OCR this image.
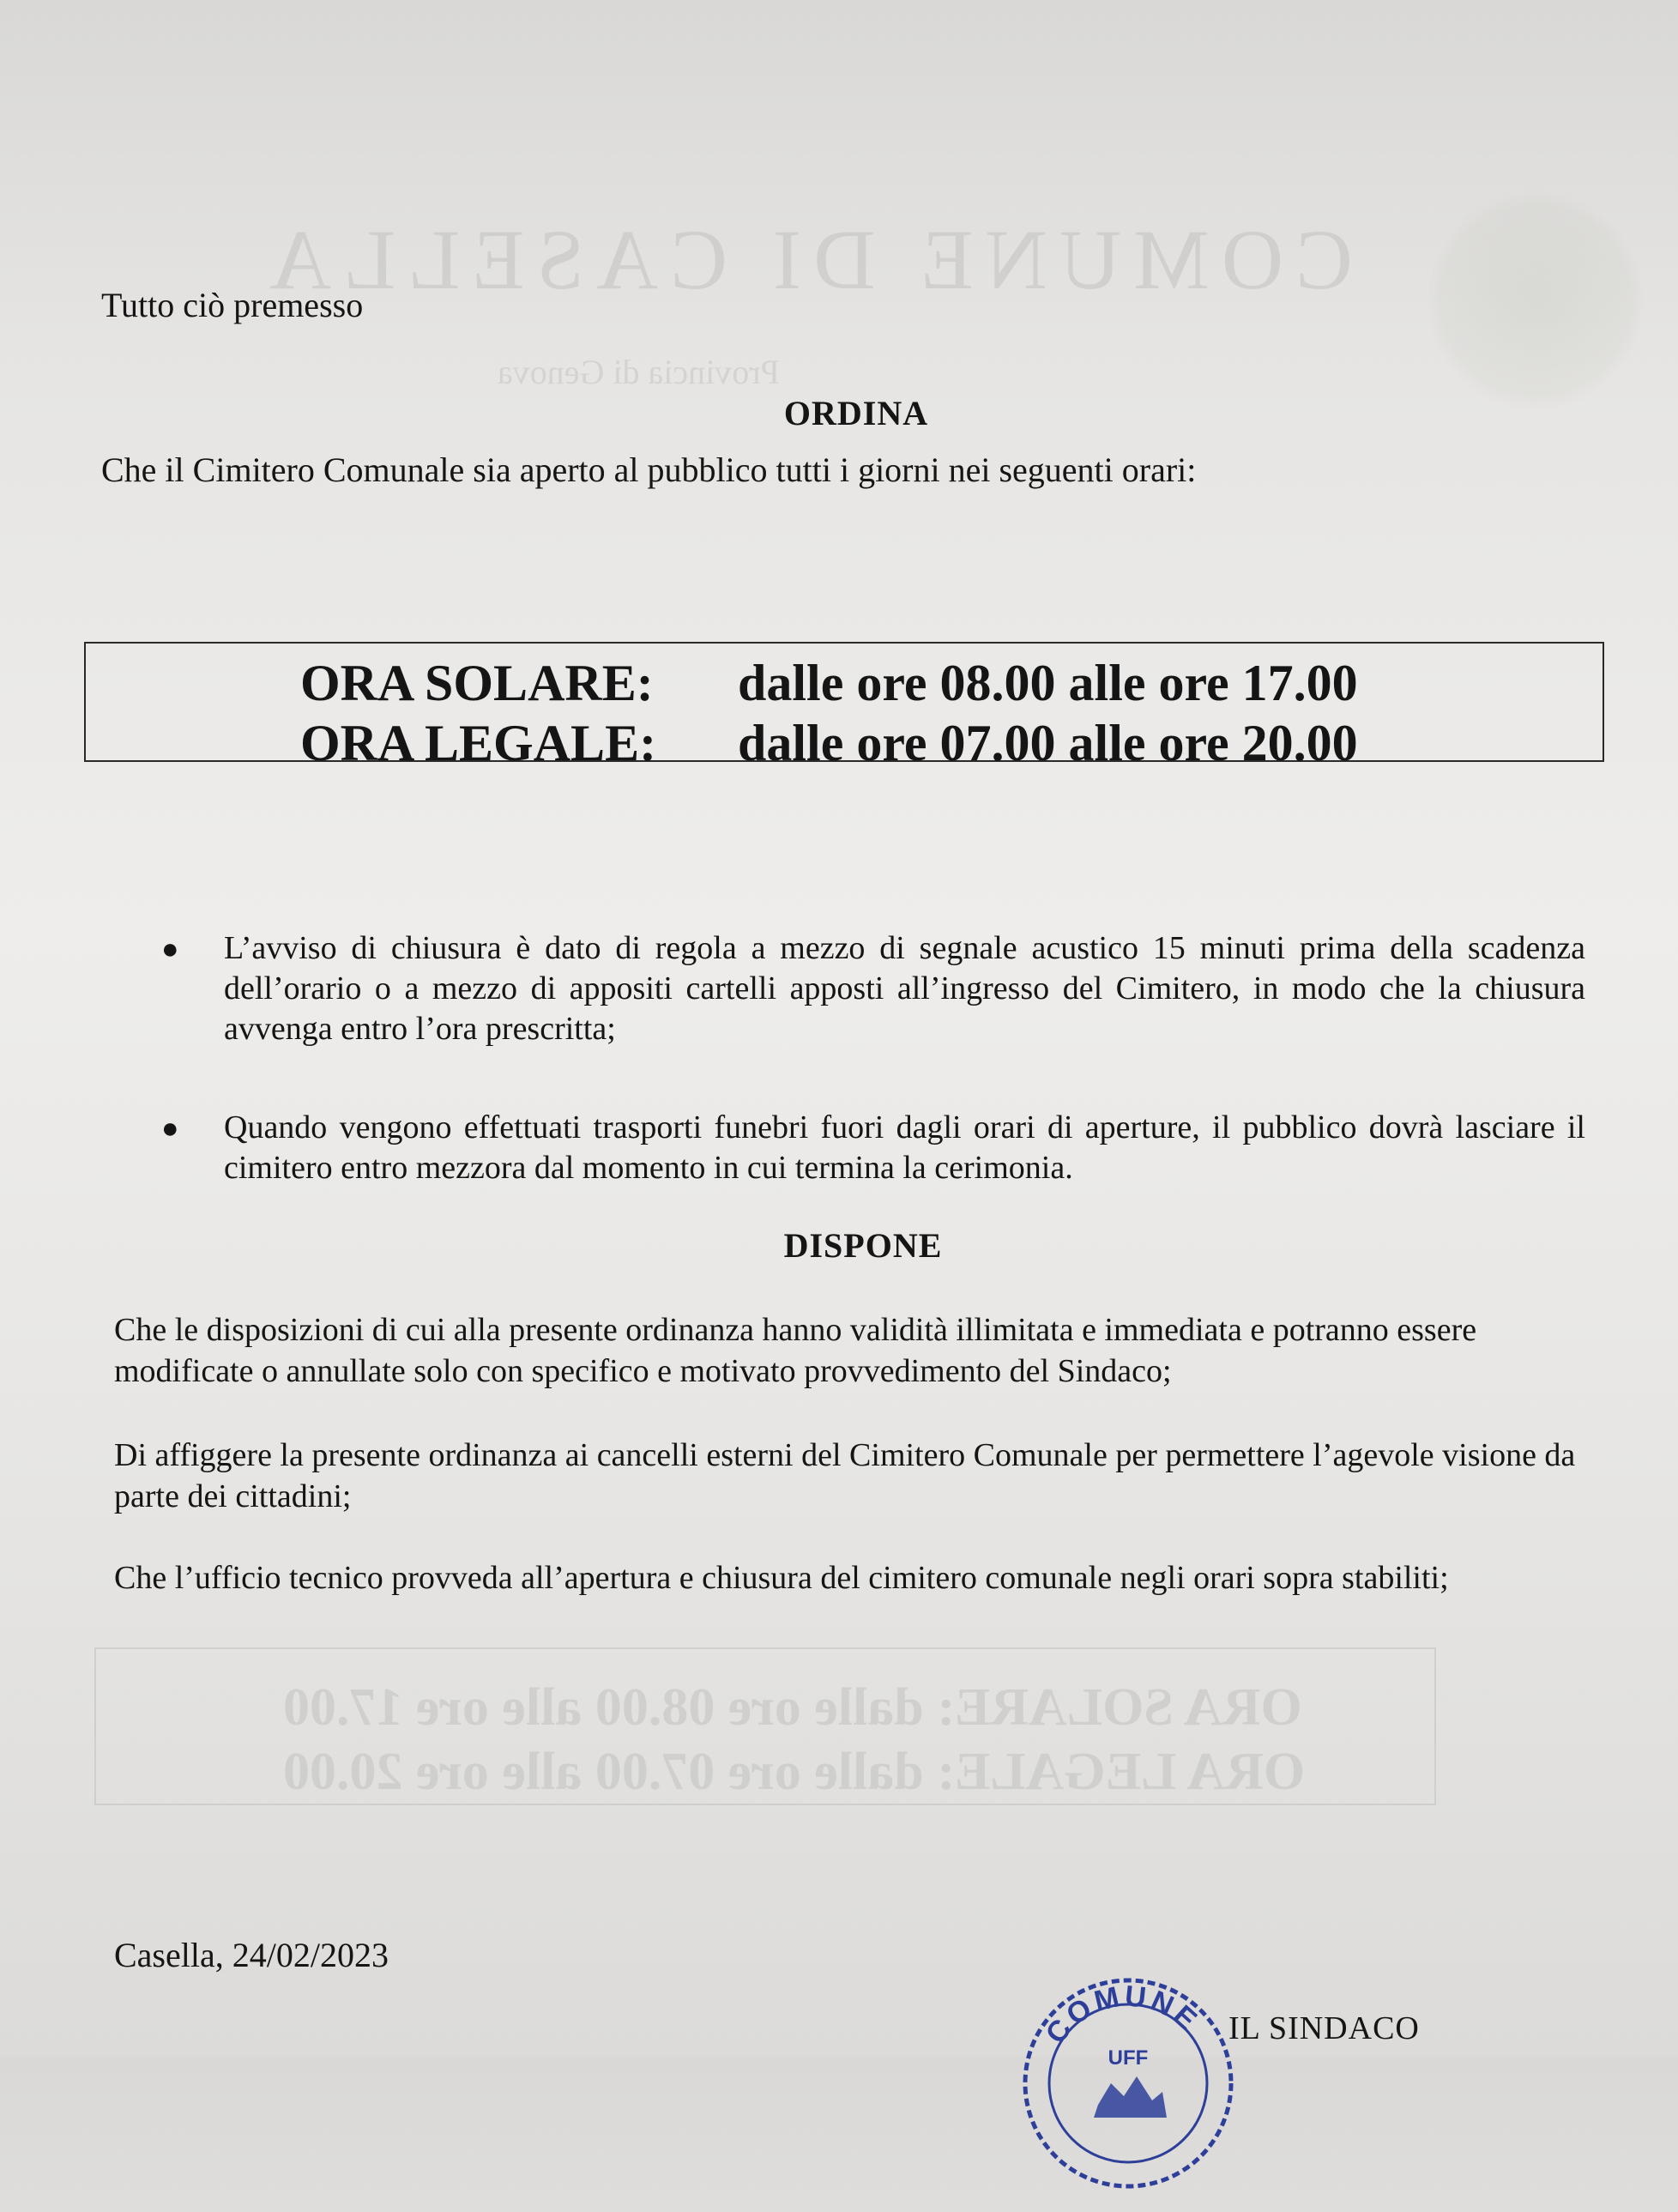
COMUNE DI CASELLA
Provincia di Genova
ORA SOLARE: dalle ore 08.00 alle ore 17.00
ORA LEGALE: dalle ore 07.00 alle ore 20.00
Tutto ciò premesso
ORDINA
Che il Cimitero Comunale sia aperto al pubblico tutti i giorni nei seguenti orari:
ORA SOLARE: dalle ore 08.00 alle ore 17.00
ORA LEGALE: dalle ore 07.00 alle ore 20.00
● L’avviso di chiusura è dato di regola a mezzo di segnale acustico 15 minuti prima della scadenza dell’orario o a mezzo di appositi cartelli apposti all’ingresso del Cimitero, in modo che la chiusura avvenga entro l’ora prescritta;
● Quando vengono effettuati trasporti funebri fuori dagli orari di aperture, il pubblico dovrà lasciare il cimitero entro mezzora dal momento in cui termina la cerimonia.
DISPONE
Che le disposizioni di cui alla presente ordinanza hanno validità illimitata e immediata e potranno essere modificate o annullate solo con specifico e motivato provvedimento del Sindaco;
Di affiggere la presente ordinanza ai cancelli esterni del Cimitero Comunale per permettere l’agevole visione da parte dei cittadini;
Che l’ufficio tecnico provveda all’apertura e chiusura del cimitero comunale negli orari sopra stabiliti;
Casella, 24/02/2023
COMUNE
UFF
IL SINDACO
